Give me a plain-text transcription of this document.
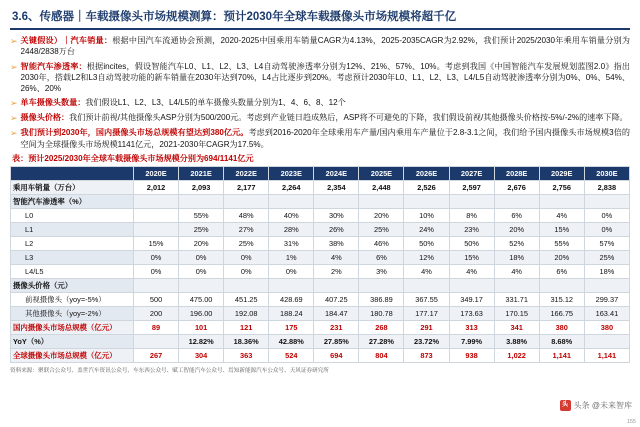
3.6、传感器｜车载摄像头市场规模测算：预计2030年全球车载摄像头市场规模将超千亿
➢ 关键假设）｜汽车销量：根据中国汽车流通协会预测，2020-2025中国乘用车销量CAGR为4.13%，2025-2035CAGR为2.92%，我们预计2025/2030年乘用车销量分别为2448/2838万台
➢ 智能汽车渗透率：根据incites，假设智能汽车L0、L1、L2、L3、L4自动驾驶渗透率分别为12%、21%、57%、10%。考虑到我国《中国智能汽车发展规划蓝图2.0》指出2030年，搭载L2和L3自动驾驶功能的新车销量在2030年达到70%，L4占比逐步到20%。考虑预计2030年L0、L1、L2、L3、L4/L5自动驾驶渗透率分别为0%、0%、54%、26%、20%
➢ 单车摄像头数量：我们假设L1、L2、L3、L4/L5的单车摄像头数量分别为1、4、6、8、12个
➢ 摄像头价格：我们预计前视/其他摄像头ASP分别为500/200元。考虑到产业链日趋成熟后，ASP将不可避免的下降，我们假设前视/其他摄像头价格按-5%/-2%的速率下降。
➢ 我们预计到2030年，国内摄像头市场总规模有望达到380亿元。考虑到2016-2020年全球乘用车产量/国内乘用车产量位于2.8-3.1之间，我们给予国内摄像头市场规模3倍的空间为全球摄像头市场规模1141亿元，2021-2030年CAGR为17.5%。
表：预计2025/2030年全球车载摄像头市场规模分别为694/1141亿元
	2020E	2021E	2022E	2023E	2024E	2025E	2026E	2027E	2028E	2029E	2030E
乘用车销量（万台）	2,012	2,093	2,177	2,264	2,354	2,448	2,526	2,597	2,676	2,756	2,838
智能汽车渗透率（%）											
L0		55%	48%	40%	30%	20%	10%	8%	6%	4%	0%
L1		25%	27%	28%	26%	25%	24%	23%	20%	15%	0%
L2	15%	20%	25%	31%	38%	46%	50%	50%	52%	55%	57%
L3	0%	0%	0%	1%	4%	6%	12%	15%	18%	20%	25%
L4/L5	0%	0%	0%	0%	2%	3%	4%	4%	4%	6%	18%
摄像头价格（元）											
前视摄像头（yoy=-5%）	500	475.00	451.25	428.69	407.25	386.89	367.55	349.17	331.71	315.12	299.37
其他摄像头（yoy=-2%）	200	196.00	192.08	188.24	184.47	180.78	177.17	173.63	170.15	166.75	163.41
国内摄像头市场总规模（亿元）	89	101	121	175	231	268	291	313	341	380	380
YoY（%）		12.82%	18.36%	42.88%	27.85%	27.28%	23.72%	7.99%	3.88%	8.68%	
全球摄像头市场总规模（亿元）	267	304	363	524	694	804	873	938	1,022	1,141	1,141
资料来源：聚联合公众号、盖世汽车资讯公众号、车东西公众号、赋工智能汽车公众号、焉知新能源汽车公众号、天风证券研究所
头 头条 @未来智库
155
